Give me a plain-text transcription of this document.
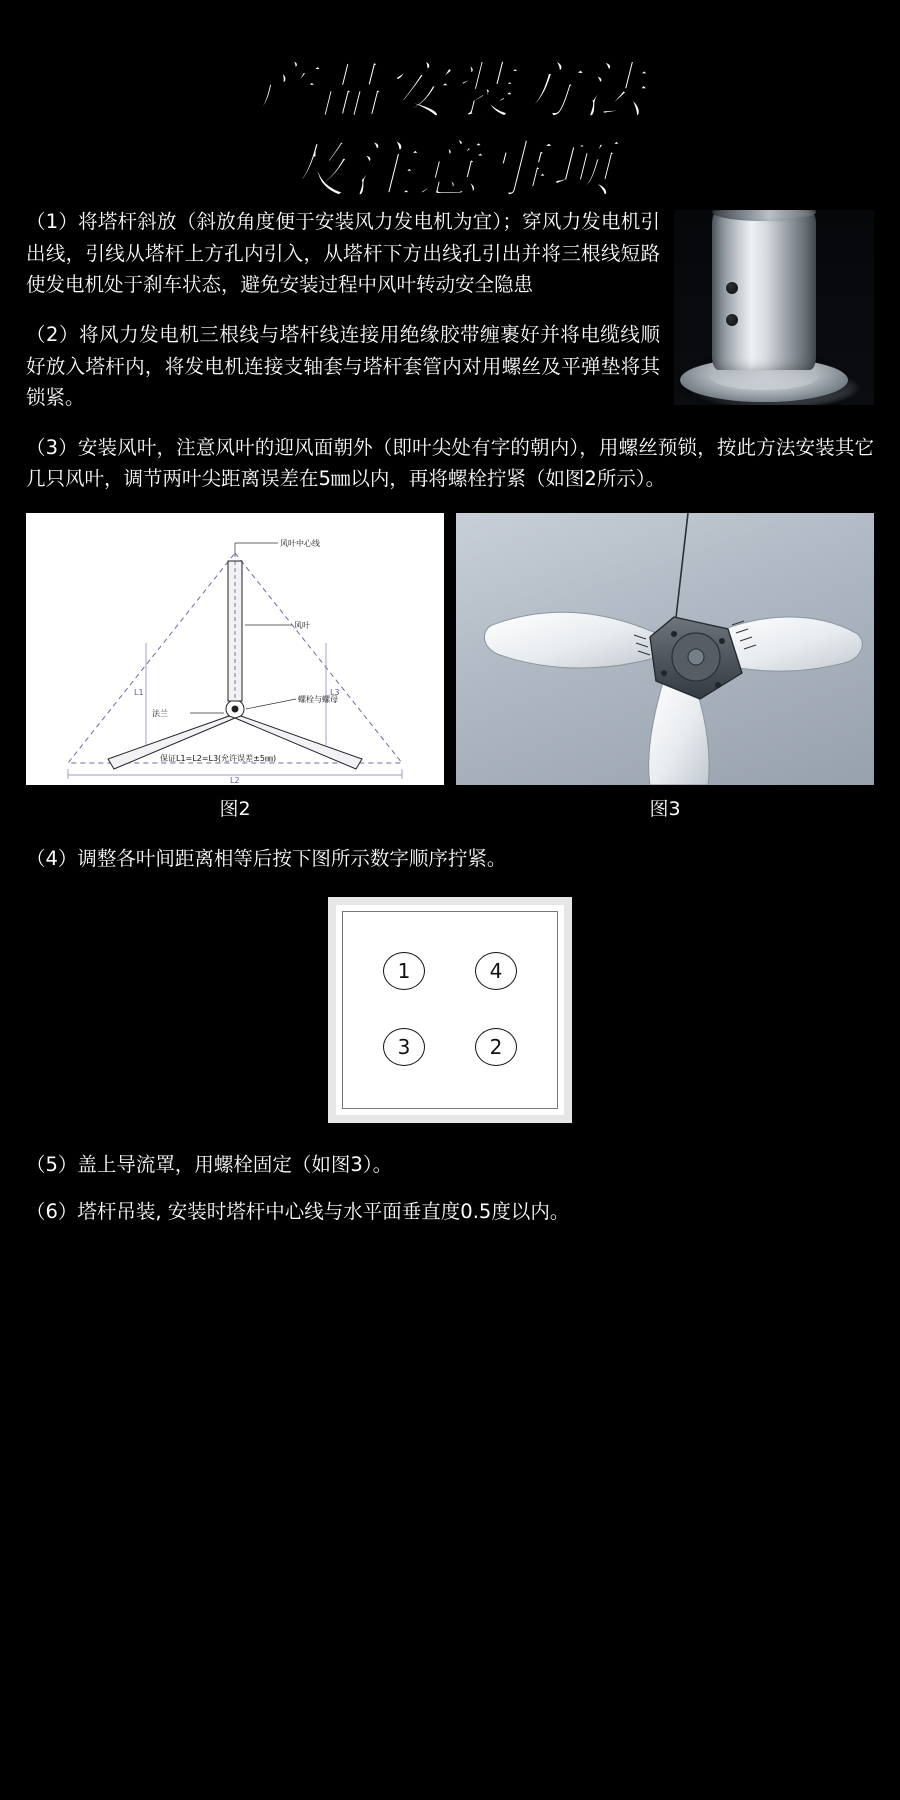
产品安装方法
及注意事项

（1）将塔杆斜放（斜放角度便于安装风力发电机为宜）；穿风力发电机引出线，引线从塔杆上方孔内引入，从塔杆下方出线孔引出并将三根线短路使发电机处于刹车状态，避免安装过程中风叶转动安全隐患

（2）将风力发电机三根线与塔杆线连接用绝缘胶带缠裹好并将电缆线顺好放入塔杆内，将发电机连接支轴套与塔杆套管内对用螺丝及平弹垫将其锁紧。

（3）安装风叶，注意风叶的迎风面朝外（即叶尖处有字的朝内），用螺丝预锁，按此方法安装其它几只风叶，调节两叶尖距离误差在5㎜以内，再将螺栓拧紧（如图2所示）。

风叶中心线
风叶
螺栓与螺母
法兰
L1	L3
L2
保证L1=L2=L3(允许误差±5㎜)
图2	图3

（4）调整各叶间距离相等后按下图所示数字顺序拧紧。

1	4
3	2

（5）盖上导流罩，用螺栓固定（如图3）。

（6）塔杆吊装, 安装时塔杆中心线与水平面垂直度0.5度以内。
